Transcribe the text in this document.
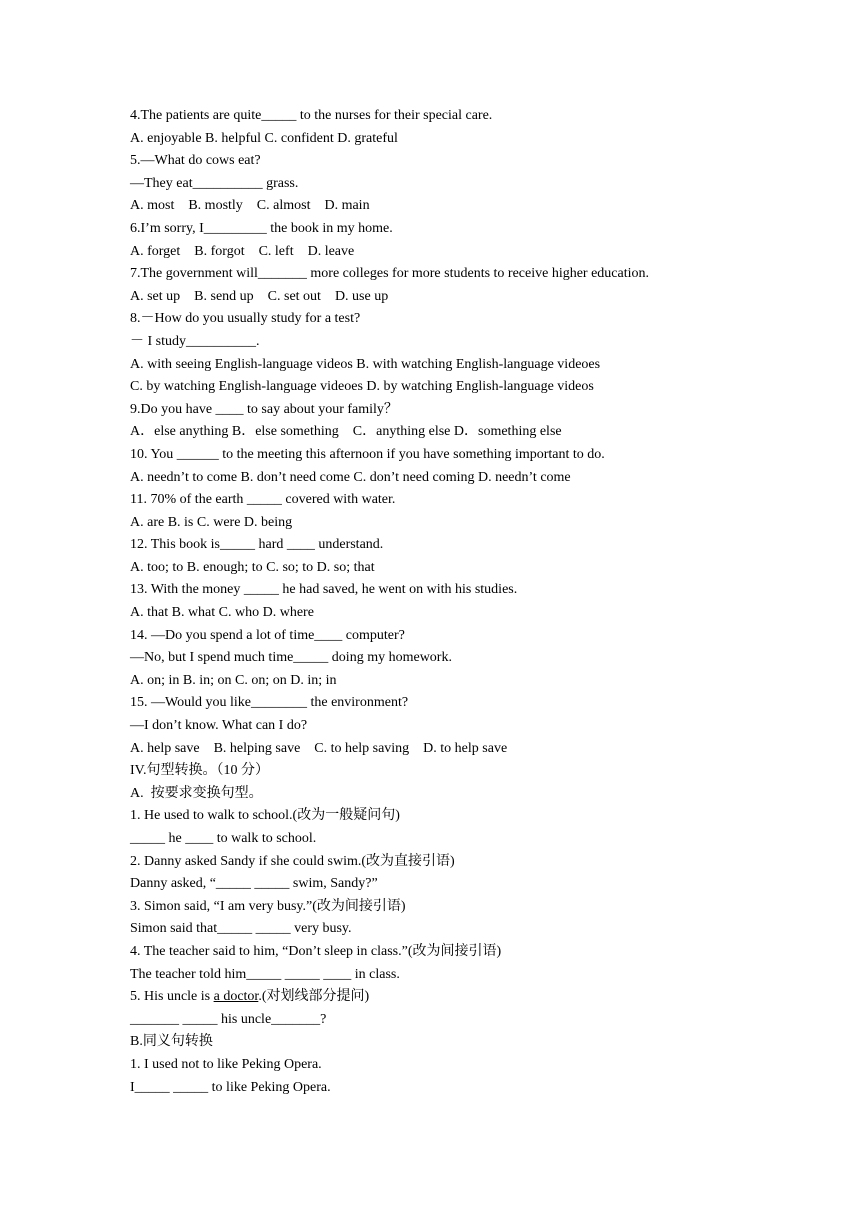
4.The patients are quite_____ to the nurses for their special care.
A. enjoyable B. helpful C. confident D. grateful
5.—What do cows eat?
—They eat__________ grass.
A. most    B. mostly    C. almost    D. main
6.I’m sorry, I_________ the book in my home.
A. forget    B. forgot    C. left    D. leave
7.The government will_______ more colleges for more students to receive higher education.
A. set up    B. send up    C. set out    D. use up
8.－How do you usually study for a test?
－ I study__________.
A. with seeing English-language videos B. with watching English-language videoes
C. by watching English-language videoes D. by watching English-language videos
9.Do you have ____ to say about your family？
A．else anything B．else something    C．anything else D．something else
10. You ______ to the meeting this afternoon if you have something important to do.
A. needn’t to come B. don’t need come C. don’t need coming D. needn’t come
11. 70% of the earth _____ covered with water.
A. are B. is C. were D. being
12. This book is_____ hard ____ understand.
A. too; to B. enough; to C. so; to D. so; that
13. With the money _____ he had saved, he went on with his studies.
A. that B. what C. who D. where
14. —Do you spend a lot of time____ computer?
—No, but I spend much time_____ doing my homework.
A. on; in B. in; on C. on; on D. in; in
15. —Would you like________ the environment?
—I don’t know. What can I do?
A. help save    B. helping save    C. to help saving    D. to help save
IV.句型转换。（10 分）
A.  按要求变换句型。
1. He used to walk to school.(改为一般疑问句)
_____ he ____ to walk to school.
2. Danny asked Sandy if she could swim.(改为直接引语)
Danny asked, “_____ _____ swim, Sandy?”
3. Simon said, “I am very busy.”(改为间接引语)
Simon said that_____ _____ very busy.
4. The teacher said to him, “Don’t sleep in class.”(改为间接引语)
The teacher told him_____ _____ ____ in class.
5. His uncle is a doctor.(对划线部分提问)
_______ _____ his uncle_______?
B.同义句转换
1. I used not to like Peking Opera.
I_____ _____ to like Peking Opera.
